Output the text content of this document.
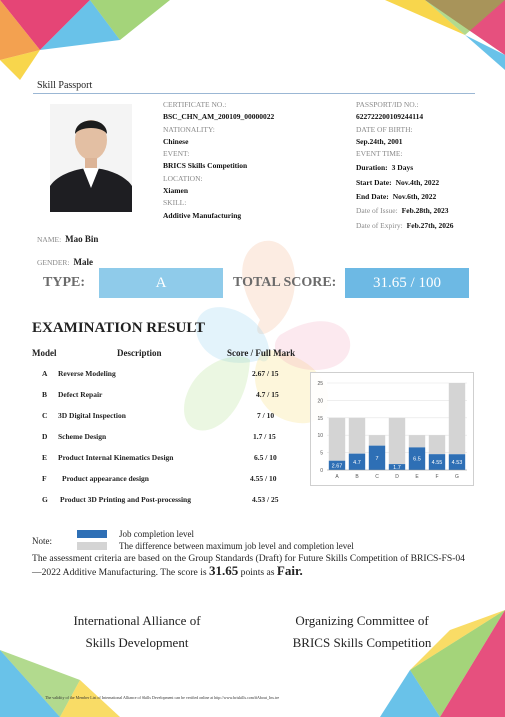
Skill Passport
NAME: Mao Bin
GENDER: Male
CERTIFICATE NO.:
BSC_CHN_AM_200109_00000022
NATIONALITY:
Chinese
EVENT:
BRICS Skills Competition
LOCATION:
Xiamen
SKILL:
Additive Manufacturing
PASSPORT/ID NO.:
622722200109244114
DATE OF BIRTH:
Sep.24th, 2001
EVENT TIME:
Duration: 3 Days
Start Date: Nov.4th, 2022
End Date: Nov.6th, 2022
Date of Issue: Feb.28th, 2023
Date of Expiry: Feb.27th, 2026
TYPE:	A	TOTAL SCORE: 31.65 / 100
EXAMINATION RESULT
Model	Description	Score / Full Mark
A Reverse Modeling	2.67 / 15
B Defect Repair	4.7 / 15
C 3D Digital Inspection	7 / 10
D Scheme Design	1.7 / 15
E Product Internal Kinematics Design	6.5 / 10
F Product appearance design	4.55 / 10
G Product 3D Printing and Post-processing	4.53 / 25
0
5
10
15
20
25
2.67
A
4.7
B
7
C
1.7
D
6.5
E
4.55
F
4.53
G
Note:
Job completion level
The difference between maximum job level and completion level
The assessment criteria are based on the Group Standards (Draft) for Future Skills Competition of BRICS-FS-04—2022 Additive Manufacturing. The score is 31.65 points as Fair.
International Alliance of
Skills Development
Organizing Committee of
BRICS Skills Competition
The validity of the Member List of International Alliance of Skills Development can be verified online at http://www.briskills.com/#About_Ins.tre
